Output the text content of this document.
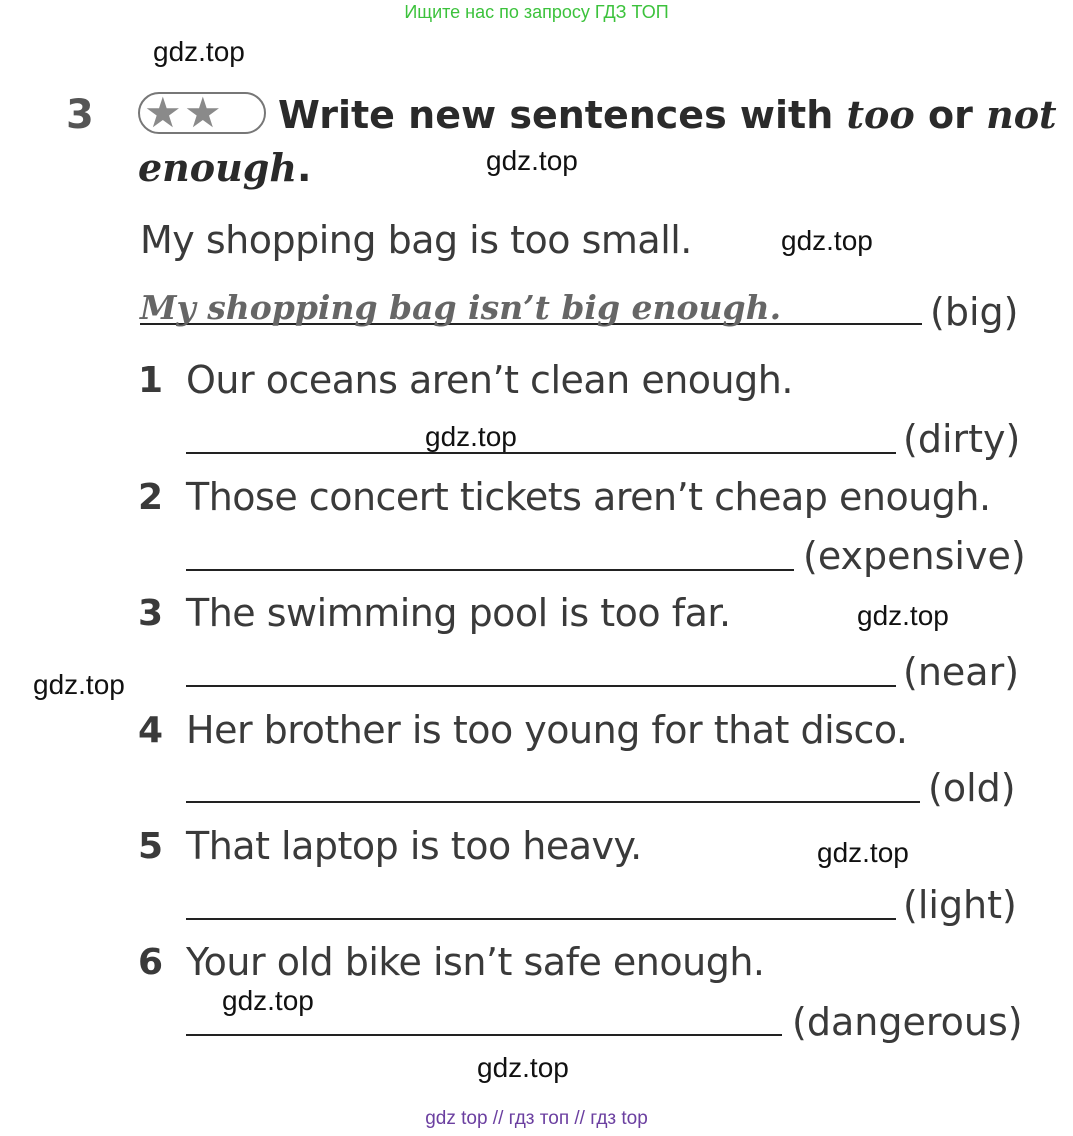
Ищите нас по запросу ГДЗ ТОП
gdz.top
gdz.top
gdz.top
gdz.top
gdz.top
gdz.top
gdz.top
gdz.top
gdz.top
3 ★ ★ Write new sentences with too or not
enough.
My shopping bag is too small.
My shopping bag isn’t big enough.	(big)
1 Our oceans aren’t clean enough.
(dirty)
2 Those concert tickets aren’t cheap enough.
(expensive)
3 The swimming pool is too far.
(near)
4 Her brother is too young for that disco.
(old)
5 That laptop is too heavy.
(light)
6 Your old bike isn’t safe enough.
(dangerous)
gdz top // гдз топ // гдз top
